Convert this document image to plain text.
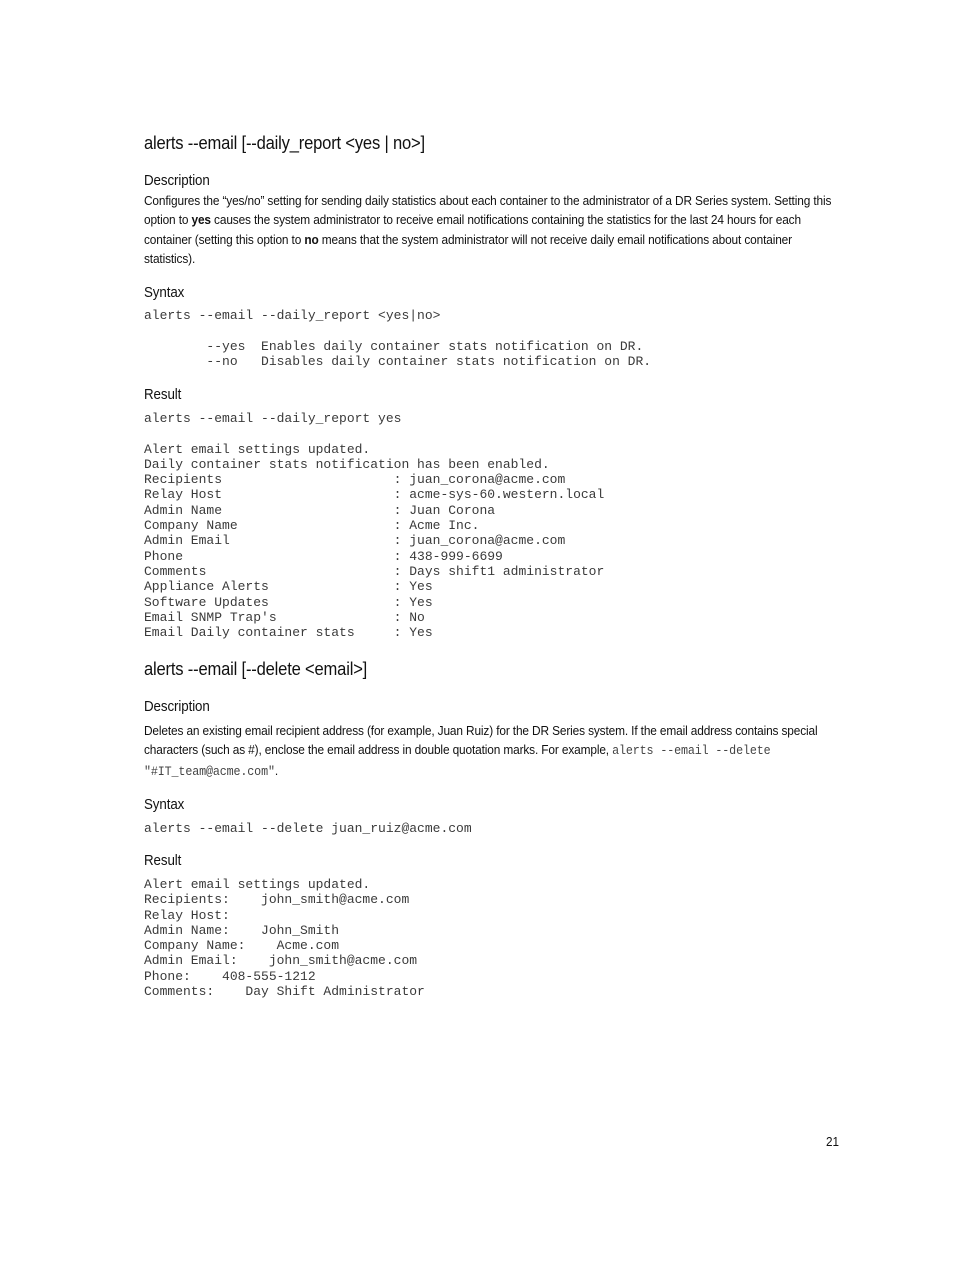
alerts --email [--daily_report <yes | no>]
Description

Configures the “yes/no” setting for sending daily statistics about each container to the administrator of a DR Series system. Setting this option to yes causes the system administrator to receive email notifications containing the statistics for the last 24 hours for each container (setting this option to no means that the system administrator will not receive daily email notifications about container statistics).

Syntax
alerts --email --daily_report <yes|no>

--yes  Enables daily container stats notification on DR.
--no   Disables daily container stats notification on DR.
Result
alerts --email --daily_report yes

Alert email settings updated.
Daily container stats notification has been enabled.
Recipients                      : juan_corona@acme.com
Relay Host                      : acme-sys-60.western.local
Admin Name                      : Juan Corona
Company Name                    : Acme Inc.
Admin Email                     : juan_corona@acme.com
Phone                           : 438-999-6699
Comments                        : Days shift1 administrator
Appliance Alerts                : Yes
Software Updates                : Yes
Email SNMP Trap's               : No
Email Daily container stats     : Yes
alerts --email [--delete <email>]
Description

Deletes an existing email recipient address (for example, Juan Ruiz) for the DR Series system. If the email address contains special characters (such as #), enclose the email address in double quotation marks. For example, alerts --email --delete "#IT_team@acme.com".

Syntax
alerts --email --delete juan_ruiz@acme.com
Result
Alert email settings updated.
Recipients:    john_smith@acme.com
Relay Host:
Admin Name:    John_Smith
Company Name:    Acme.com
Admin Email:    john_smith@acme.com
Phone:    408-555-1212
Comments:    Day Shift Administrator
21
